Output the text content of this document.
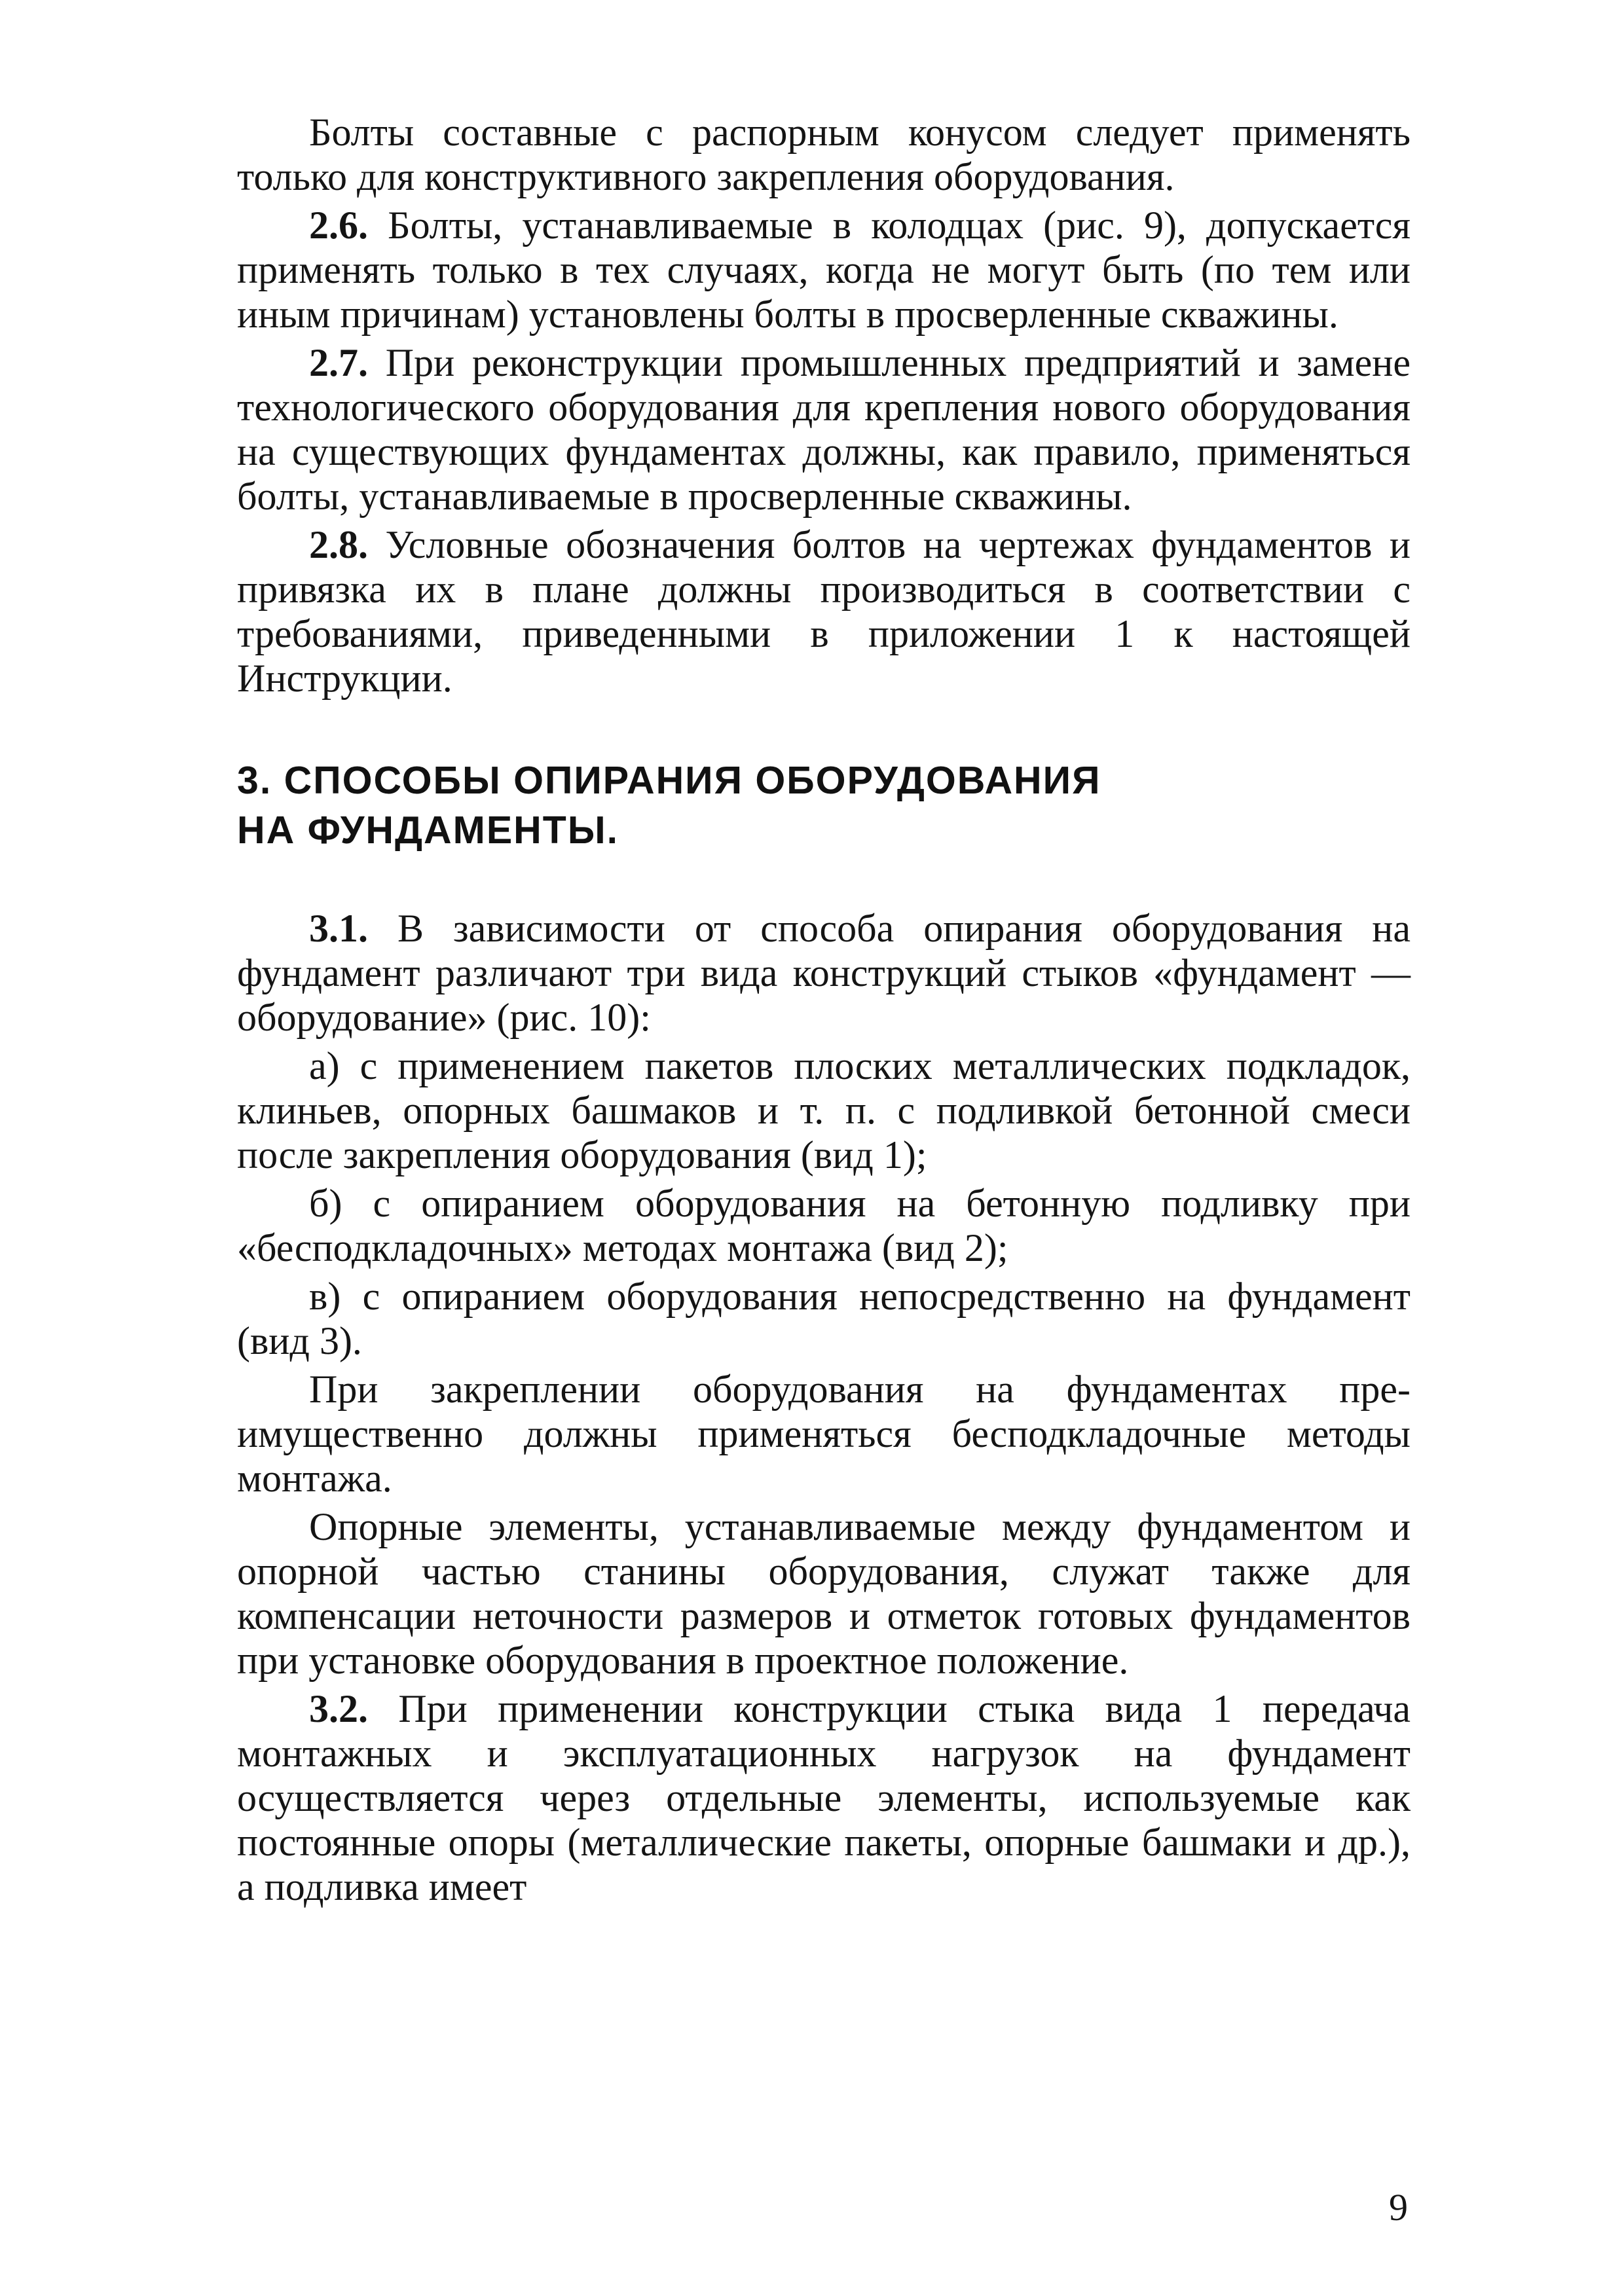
Болты составные с распорным конусом следует применять только для конструктивного закрепления оборудования.

2.6. Болты, устанавливаемые в колодцах (рис. 9), допускается применять только в тех случаях, когда не могут быть (по тем или иным причинам) установлены болты в просверленные скважины.

2.7. При реконструкции промышленных предприятий и замене технологического оборудования для крепления нового оборудования на существующих фундаментах должны, как правило, применяться болты, устанавливаемые в просверленные скважины.

2.8. Условные обозначения болтов на чертежах фундаментов и привязка их в плане должны производиться в соответствии с требованиями, приведенными в приложении 1 к настоящей Инструкции.

3. СПОСОБЫ ОПИРАНИЯ ОБОРУДОВАНИЯ
НА ФУНДАМЕНТЫ.

3.1. В зависимости от способа опирания оборудования на фундамент различают три вида конструкций стыков «фундамент — оборудование» (рис. 10):

а) с применением пакетов плоских металлических подкладок, клиньев, опорных башмаков и т. п. с подливкой бетонной смеси после закрепления оборудования (вид 1);

б) с опиранием оборудования на бетонную подливку при «бесподкладочных» методах монтажа (вид 2);

в) с опиранием оборудования непосредственно на фундамент (вид 3).

При закреплении оборудования на фундаментах преимущественно должны применяться бесподкладочные методы монтажа.

Опорные элементы, устанавливаемые между фундаментом и опорной частью станины оборудования, служат также для компенсации неточности размеров и отметок готовых фундаментов при установке оборудования в проектное положение.

3.2. При применении конструкции стыка вида 1 передача монтажных и эксплуатационных нагрузок на фундамент осуществляется через отдельные элементы, используемые как постоянные опоры (металлические пакеты, опорные башмаки и др.), а подливка имеет

9
